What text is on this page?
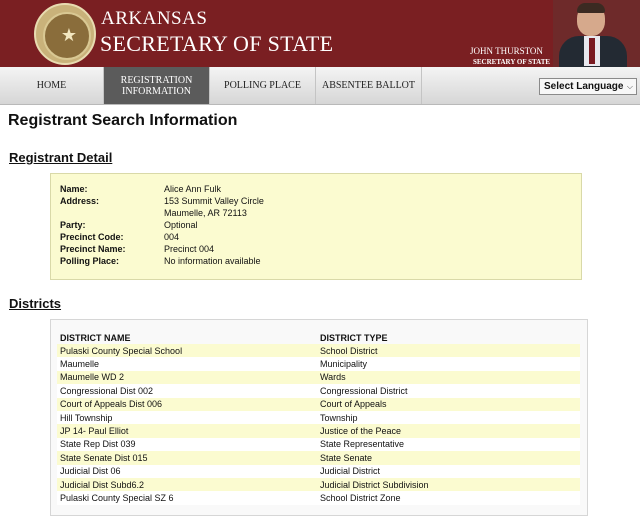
★
ARKANSAS
SECRETARY OF STATE	JOHN THURSTON
SECRETARY OF STATE
HOME	REGISTRATION INFORMATION	POLLING PLACE	ABSENTEE BALLOT	Select Language ⌵
Registrant Search Information
Registrant Detail
Name:	Alice Ann Fulk
Address:	153 Summit Valley Circle
Maumelle, AR 72113
Party:	Optional
Precinct Code:	004
Precinct Name:	Precinct 004
Polling Place:	No information available
Districts
DISTRICT NAME	DISTRICT TYPE
Pulaski County Special School	School District
Maumelle	Municipality
Maumelle WD 2	Wards
Congressional Dist 002	Congressional District
Court of Appeals Dist 006	Court of Appeals
Hill Township	Township
JP 14- Paul Elliot	Justice of the Peace
State Rep Dist 039	State Representative
State Senate Dist 015	State Senate
Judicial Dist 06	Judicial District
Judicial Dist Subd6.2	Judicial District Subdivision
Pulaski County Special SZ 6	School District Zone
